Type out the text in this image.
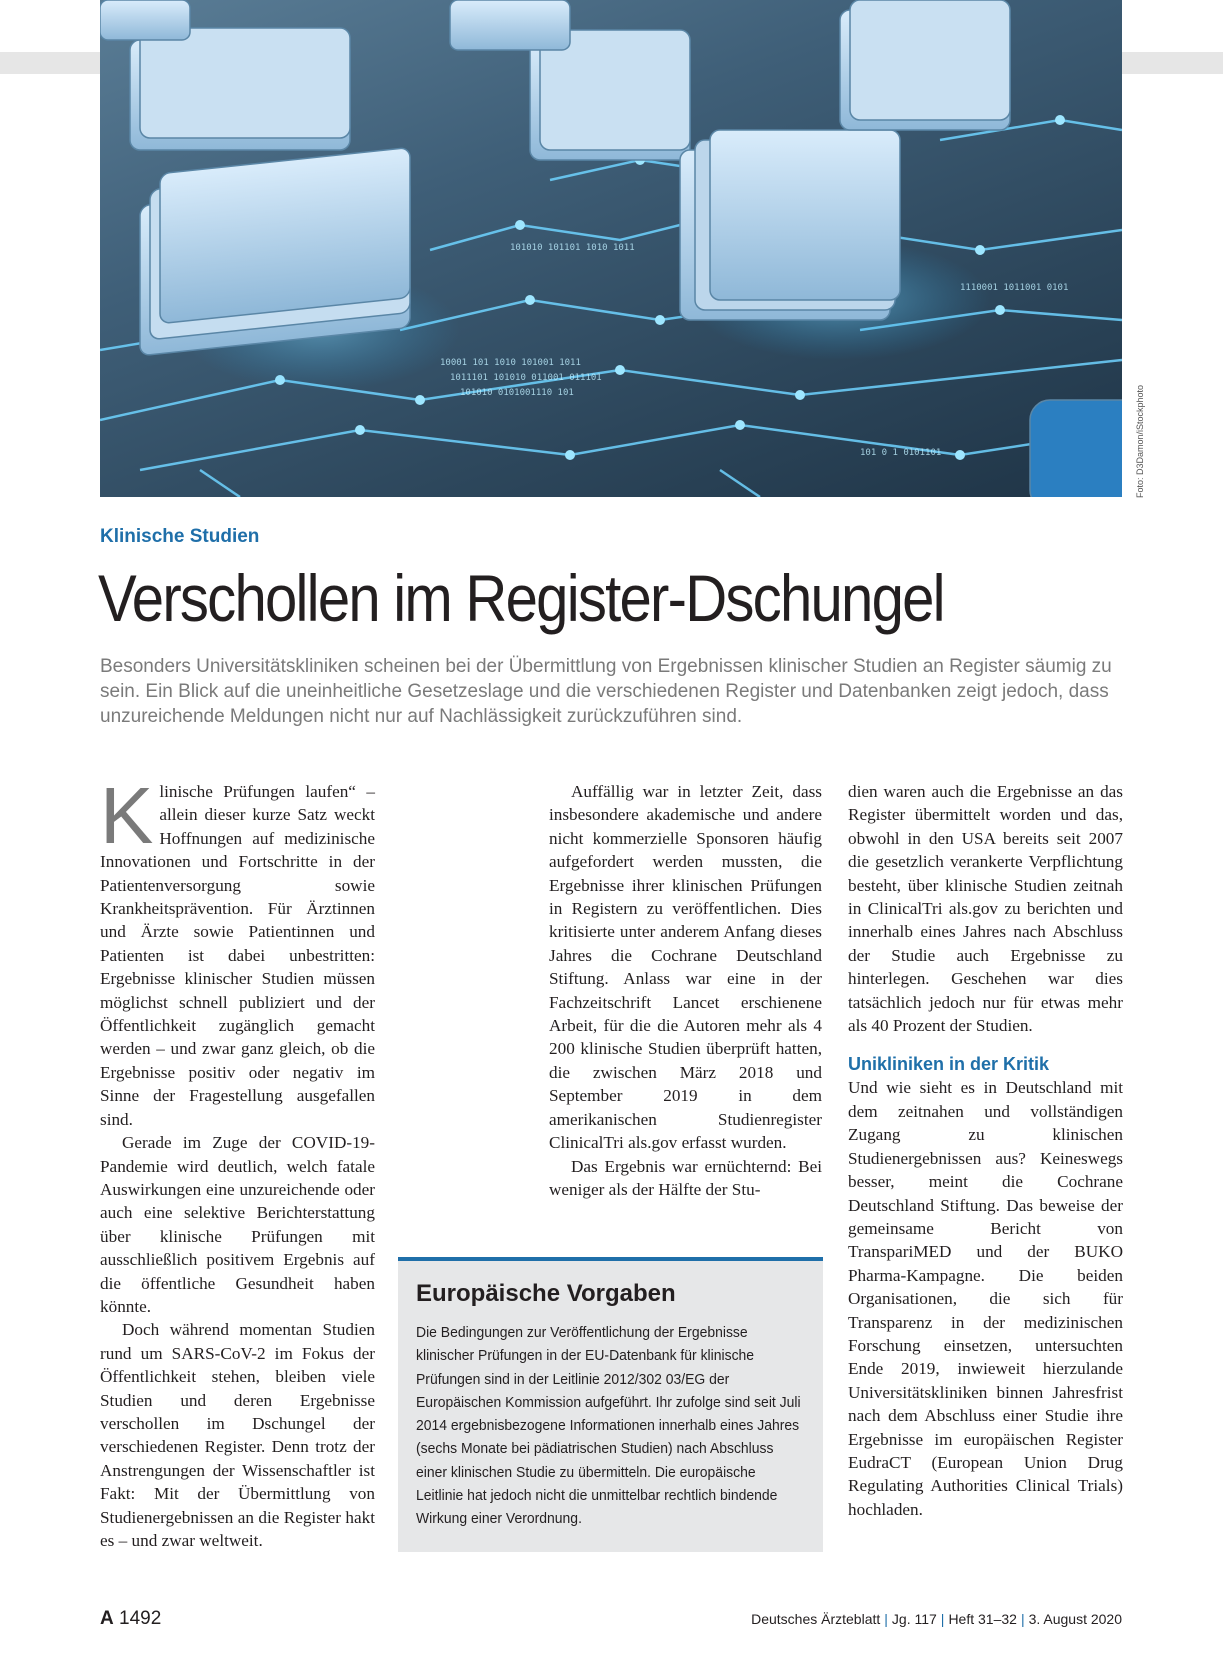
10001 101 1010 101001 1011
1011101 101010 011001 011101
101010 0101001110 101
101 0 1 0101101
1110001 1011001 0101
101010 101101 1010 1011
Foto: D3Damon/iStockphoto
Klinische Studien
Verschollen im Register-Dschungel

Besonders Universitätskliniken scheinen bei der Übermittlung von Ergebnissen klinischer Studien an Register säumig zu sein. Ein Blick auf die uneinheitliche Gesetzeslage und die verschiedenen Register und Datenbanken zeigt jedoch, dass unzureichende Meldungen nicht nur auf Nachlässigkeit zurückzuführen sind.

Klinische Prüfungen laufen“ – allein dieser kurze Satz weckt Hoffnungen auf medizinische Innovationen und Fortschritte in der Patientenversorgung sowie Krankheitsprävention. Für Ärztinnen und Ärzte sowie Patientinnen und Patienten ist dabei unbestritten: Ergebnisse klinischer Studien müssen möglichst schnell publiziert und der Öffentlichkeit zugänglich gemacht werden – und zwar ganz gleich, ob die Ergebnisse positiv oder negativ im Sinne der Fragestellung ausgefallen sind.

Gerade im Zuge der COVID-19-Pandemie wird deutlich, welch fatale Auswirkungen eine unzureichende oder auch eine selektive Berichterstattung über klinische Prüfungen mit ausschließlich positivem Ergebnis auf die öffentliche Gesundheit haben könnte.

Doch während momentan Studien rund um SARS-CoV-2 im Fokus der Öffentlichkeit stehen, bleiben viele Studien und deren Ergebnisse verschollen im Dschungel der verschiedenen Register. Denn trotz der Anstrengungen der Wissenschaftler ist Fakt: Mit der Übermittlung von Studienergebnissen an die Register hakt es – und zwar weltweit.

Auffällig war in letzter Zeit, dass insbesondere akademische und andere nicht kommerzielle Sponsoren häufig aufgefordert werden mussten, die Ergebnisse ihrer klinischen Prüfungen in Registern zu veröffentlichen. Dies kritisierte unter anderem Anfang dieses Jahres die Cochrane Deutschland Stiftung. Anlass war eine in der Fachzeitschrift Lancet erschienene Arbeit, für die die Autoren mehr als 4 200 klinische Studien überprüft hatten, die zwischen März 2018 und September 2019 in dem amerikanischen Studienregister ClinicalTri als.gov erfasst wurden.

Das Ergebnis war ernüchternd: Bei weniger als der Hälfte der Stu-

Europäische Vorgaben

Die Bedingungen zur Veröffentlichung der Ergebnisse klinischer Prüfungen in der EU-Datenbank für klinische Prüfungen sind in der Leitlinie 2012/302 03/EG der Europäischen Kommission aufgeführt. Ihr zufolge sind seit Juli 2014 ergebnisbezogene Informationen innerhalb eines Jahres (sechs Monate bei pädiatrischen Studien) nach Abschluss einer klinischen Studie zu übermitteln. Die europäische Leitlinie hat jedoch nicht die unmittelbar rechtlich bindende Wirkung einer Verordnung.

dien waren auch die Ergebnisse an das Register übermittelt worden und das, obwohl in den USA bereits seit 2007 die gesetzlich verankerte Verpflichtung besteht, über klinische Studien zeitnah in ClinicalTri als.gov zu berichten und innerhalb eines Jahres nach Abschluss der Studie auch Ergebnisse zu hinterlegen. Geschehen war dies tatsächlich jedoch nur für etwas mehr als 40 Prozent der Studien.

Unikliniken in der Kritik

Und wie sieht es in Deutschland mit dem zeitnahen und vollständigen Zugang zu klinischen Studienergebnissen aus? Keineswegs besser, meint die Cochrane Deutschland Stiftung. Das beweise der gemeinsame Bericht von TranspariMED und der BUKO Pharma-Kampagne. Die beiden Organisationen, die sich für Transparenz in der medizinischen Forschung einsetzen, untersuchten Ende 2019, inwieweit hierzulande Universitätskliniken binnen Jahresfrist nach dem Abschluss einer Studie ihre Ergebnisse im europäischen Register EudraCT (European Union Drug Regulating Authorities Clinical Trials) hochladen.

A 1492	Deutsches Ärzteblatt | Jg. 117 | Heft 31–32 | 3. August 2020
